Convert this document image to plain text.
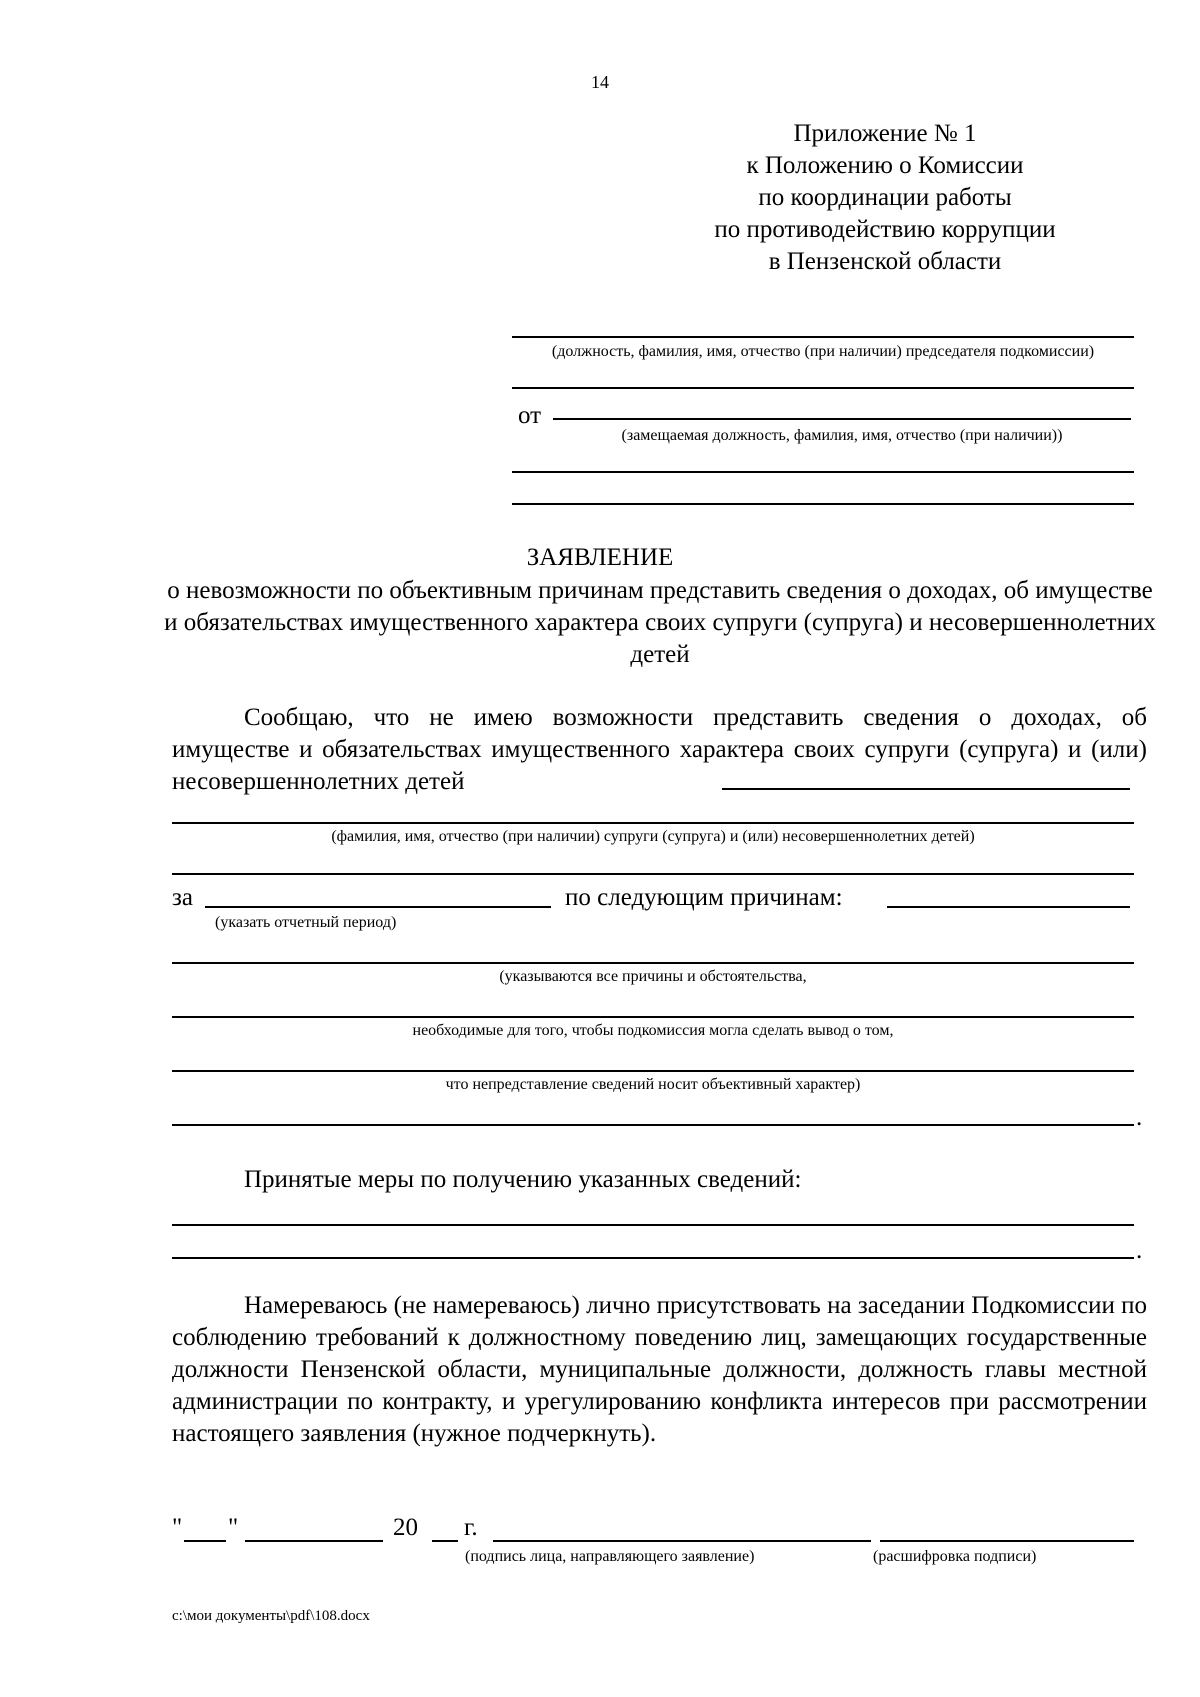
14
Приложение № 1
к Положению о Комиссии
по координации работы
по противодействию коррупции
в Пензенской области
(должность, фамилия, имя, отчество (при наличии) председателя подкомиссии)
от
(замещаемая должность, фамилия, имя, отчество (при наличии))
ЗАЯВЛЕНИЕ
о невозможности по объективным причинам представить сведения о доходах, об имуществе и обязательствах имущественного характера своих супруги (супруга) и несовершеннолетних детей
Сообщаю, что не имею возможности представить сведения о доходах, об имуществе и обязательствах имущественного характера своих супруги (супруга) и (или) несовершеннолетних детей
(фамилия, имя, отчество (при наличии) супруги (супруга) и (или) несовершеннолетних детей)
за	по следующим причинам:
(указать отчетный период)
(указываются все причины и обстоятельства,
необходимые для того, чтобы подкомиссия могла сделать вывод о том,
что непредставление сведений носит объективный характер)
.
Принятые меры по получению указанных сведений:
.
Намереваюсь (не намереваюсь) лично присутствовать на заседании Подкомиссии по соблюдению требований к должностному поведению лиц, замещающих государственные должности Пензенской области, муниципальные должности, должность главы местной администрации по контракту, и урегулированию конфликта интересов при рассмотрении настоящего заявления (нужное подчеркнуть).
" "	20 г.
(подпись лица, направляющего заявление)	(расшифровка подписи)
c:\мои документы\pdf\108.docx
